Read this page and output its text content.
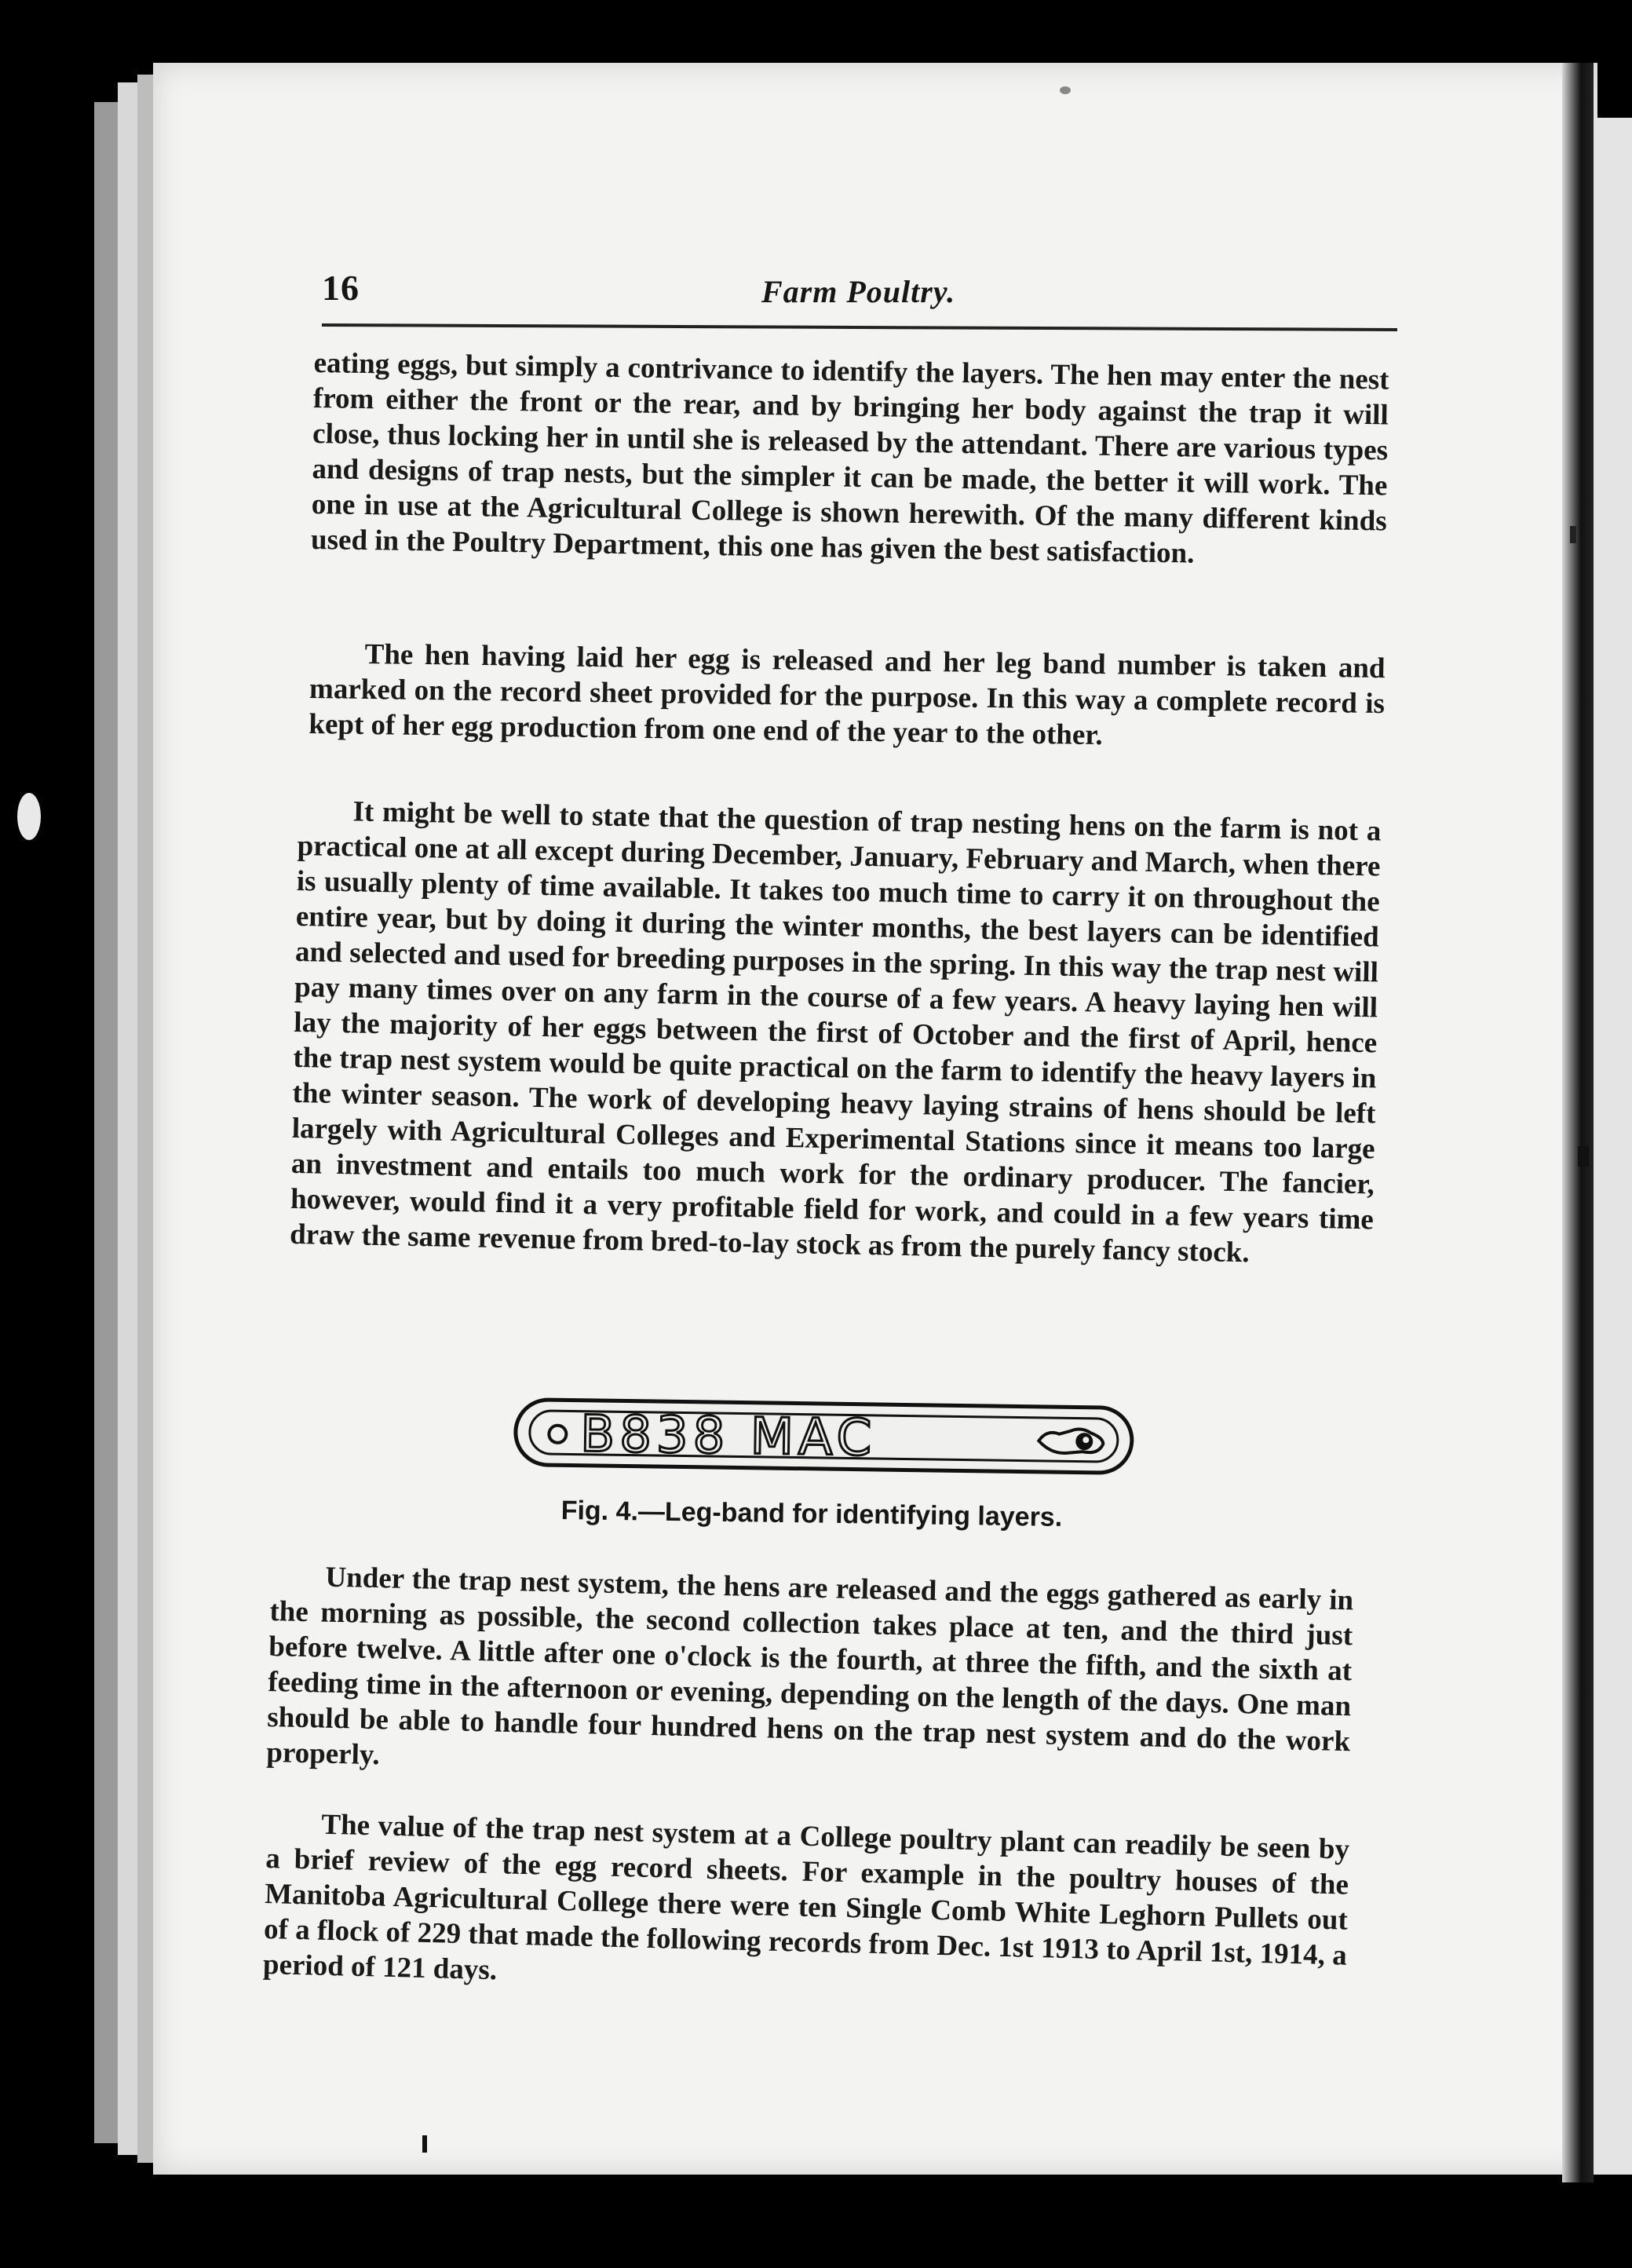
16	Farm Poultry.

eating eggs, but simply a contrivance to identify the layers. The hen may enter the nest from either the front or the rear, and by bringing her body against the trap it will close, thus locking her in until she is released by the attendant. There are various types and designs of trap nests, but the simpler it can be made, the better it will work. The one in use at the Agricultural College is shown herewith. Of the many different kinds used in the Poultry Department, this one has given the best satisfaction.

The hen having laid her egg is released and her leg band number is taken and marked on the record sheet provided for the purpose. In this way a complete record is kept of her egg production from one end of the year to the other.

It might be well to state that the question of trap nesting hens on the farm is not a practical one at all except during December, January, February and March, when there is usually plenty of time available. It takes too much time to carry it on throughout the entire year, but by doing it during the winter months, the best layers can be identified and selected and used for breeding purposes in the spring. In this way the trap nest will pay many times over on any farm in the course of a few years. A heavy laying hen will lay the majority of her eggs between the first of October and the first of April, hence the trap nest system would be quite practical on the farm to identify the heavy layers in the winter season. The work of developing heavy laying strains of hens should be left largely with Agricultural Colleges and Experimental Stations since it means too large an investment and entails too much work for the ordinary producer. The fancier, however, would find it a very profitable field for work, and could in a few years time draw the same revenue from bred-to-lay stock as from the purely fancy stock.

B838 MAC
Fig. 4.—Leg-band for identifying layers.

Under the trap nest system, the hens are released and the eggs gathered as early in the morning as possible, the second collection takes place at ten, and the third just before twelve. A little after one o'clock is the fourth, at three the fifth, and the sixth at feeding time in the afternoon or evening, depending on the length of the days. One man should be able to handle four hundred hens on the trap nest system and do the work properly.

The value of the trap nest system at a College poultry plant can readily be seen by a brief review of the egg record sheets. For example in the poultry houses of the Manitoba Agricultural College there were ten Single Comb White Leghorn Pullets out of a flock of 229 that made the following records from Dec. 1st 1913 to April 1st, 1914, a period of 121 days.
